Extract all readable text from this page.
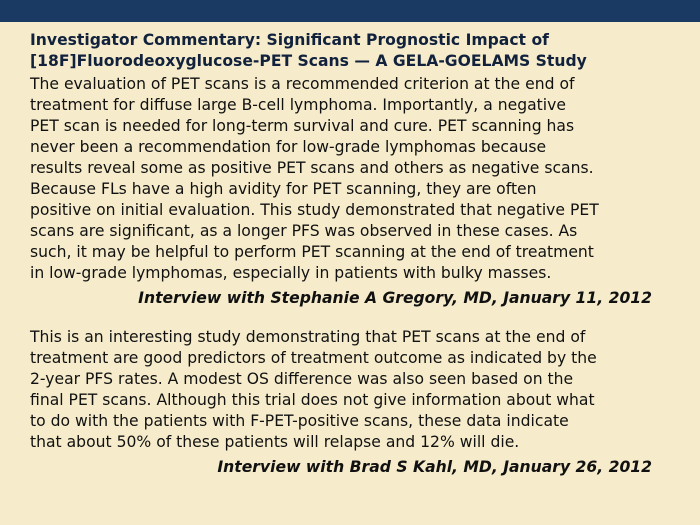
Investigator Commentary: Significant Prognostic Impact of
[18F]Fluorodeoxyglucose-PET Scans — A GELA-GOELAMS Study

The evaluation of PET scans is a recommended criterion at the end of
treatment for diffuse large B-cell lymphoma. Importantly, a negative
PET scan is needed for long-term survival and cure. PET scanning has
never been a recommendation for low-grade lymphomas because
results reveal some as positive PET scans and others as negative scans.
Because FLs have a high avidity for PET scanning, they are often
positive on initial evaluation. This study demonstrated that negative PET
scans are significant, as a longer PFS was observed in these cases. As
such, it may be helpful to perform PET scanning at the end of treatment
in low-grade lymphomas, especially in patients with bulky masses.

Interview with Stephanie A Gregory, MD, January 11, 2012

This is an interesting study demonstrating that PET scans at the end of
treatment are good predictors of treatment outcome as indicated by the
2-year PFS rates. A modest OS difference was also seen based on the
final PET scans. Although this trial does not give information about what
to do with the patients with F-PET-positive scans, these data indicate
that about 50% of these patients will relapse and 12% will die.

Interview with Brad S Kahl, MD, January 26, 2012
